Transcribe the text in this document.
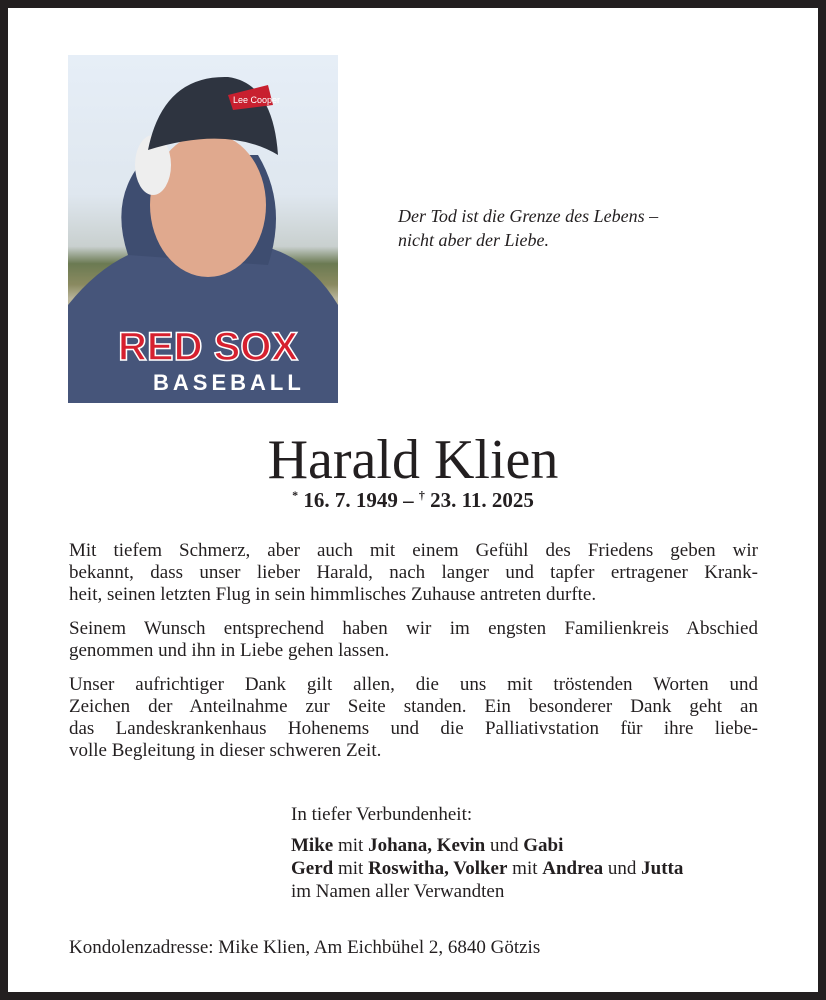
Lee Cooper
RED SOX
BASEBALL
Der Tod ist die Grenze des Lebens –
nicht aber der Liebe.
Harald Klien
* 16. 7. 1949 – † 23. 11. 2025

Mit tiefem Schmerz, aber auch mit einem Gefühl des Friedens geben wir
bekannt, dass unser lieber Harald, nach langer und tapfer ertragener Krank-
heit, seinen letzten Flug in sein himmlisches Zuhause antreten durfte.

Seinem Wunsch entsprechend haben wir im engsten Familienkreis Abschied
genommen und ihn in Liebe gehen lassen.

Unser aufrichtiger Dank gilt allen, die uns mit tröstenden Worten und
Zeichen der Anteilnahme zur Seite standen. Ein besonderer Dank geht an
das Landeskrankenhaus Hohenems und die Palliativstation für ihre liebe-
volle Begleitung in dieser schweren Zeit.

In tiefer Verbundenheit:
Mike mit Johana, Kevin und Gabi
Gerd mit Roswitha, Volker mit Andrea und Jutta
im Namen aller Verwandten
Kondolenzadresse: Mike Klien, Am Eichbühel 2, 6840 Götzis
